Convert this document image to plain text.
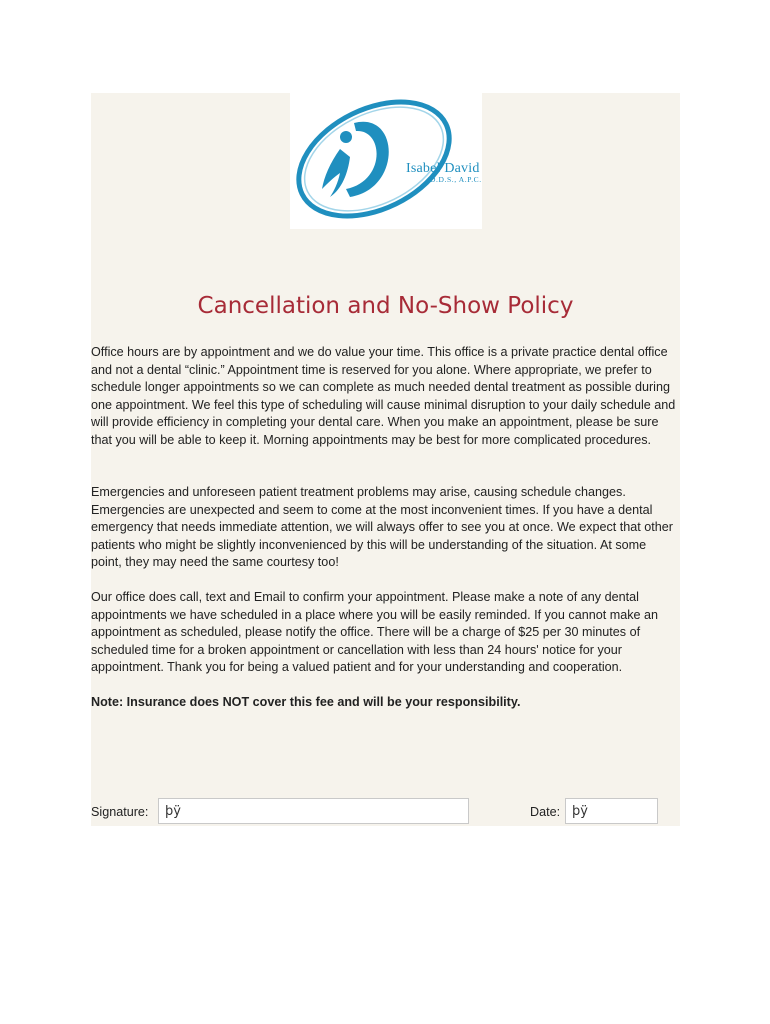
Isabel David
D.D.S., A.P.C.
Cancellation and No-Show Policy

Office hours are by appointment and we do value your time. This office is a private practice dental office and not a dental “clinic.” Appointment time is reserved for you alone. Where appropriate, we prefer to schedule longer appointments so we can complete as much needed dental treatment as possible during one appointment. We feel this type of scheduling will cause minimal disruption to your daily schedule and will provide efficiency in completing your dental care. When you make an appointment, please be sure that you will be able to keep it. Morning appointments may be best for more complicated procedures.

Emergencies and unforeseen patient treatment problems may arise, causing schedule changes. Emergencies are unexpected and seem to come at the most inconvenient times. If you have a dental emergency that needs immediate attention, we will always offer to see you at once. We expect that other patients who might be slightly inconvenienced by this will be understanding of the situation. At some point, they may need the same courtesy too!

Our office does call, text and Email to confirm your appointment. Please make a note of any dental appointments we have scheduled in a place where you will be easily reminded. If you cannot make an appointment as scheduled, please notify the office. There will be a charge of $25 per 30 minutes of scheduled time for a broken appointment or cancellation with less than 24 hours' notice for your appointment. Thank you for being a valued patient and for your understanding and cooperation.

Note: Insurance does NOT cover this fee and will be your responsibility.

Signature:	þÿ	Date: þÿ
